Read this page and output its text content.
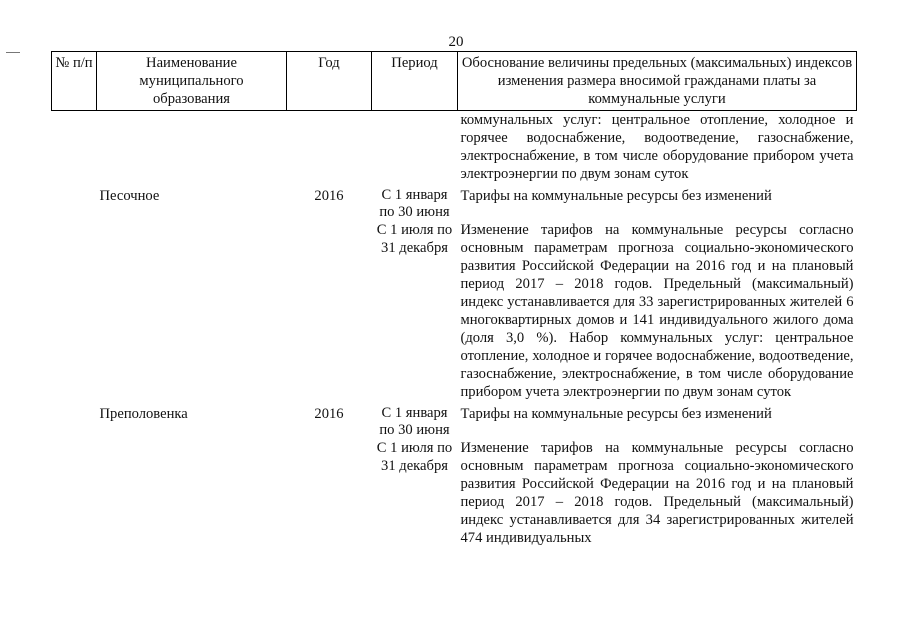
20
№ п/п	Наименование муниципального образования	Год	Период	Обоснование величины предельных (максимальных) индексов изменения размера вносимой гражданами платы за коммунальные услуги
				коммунальных услуг: центральное отопление, холодное и горячее водоснабжение, водоотведение, газоснабжение, электроснабжение, в том числе оборудование прибором учета электроэнергии по двум зонам суток

	Песочное	2016	С 1 января по 30 июня	Тарифы на коммунальные ресурсы без изменений

			С 1 июля по 31 декабря	Изменение тарифов на коммунальные ресурсы согласно основным параметрам прогноза социально-экономического развития Российской Федерации на 2016 год и на плановый период 2017 – 2018 годов. Предельный (максимальный) индекс устанавливается для 33 зарегистрированных жителей 6 многоквартирных домов и 141 индивидуального жилого дома (доля 3,0 %). Набор коммунальных услуг: центральное отопление, холодное и горячее водоснабжение, водоотведение, газоснабжение, электроснабжение, в том числе оборудование прибором учета электроэнергии по двум зонам суток

	Преполовенка	2016	С 1 января по 30 июня	Тарифы на коммунальные ресурсы без изменений

			С 1 июля по 31 декабря	Изменение тарифов на коммунальные ресурсы согласно основным параметрам прогноза социально-экономического развития Российской Федерации на 2016 год и на плановый период 2017 – 2018 годов. Предельный (максимальный) индекс устанавливается для 34 зарегистрированных жителей 474 индивидуальных
